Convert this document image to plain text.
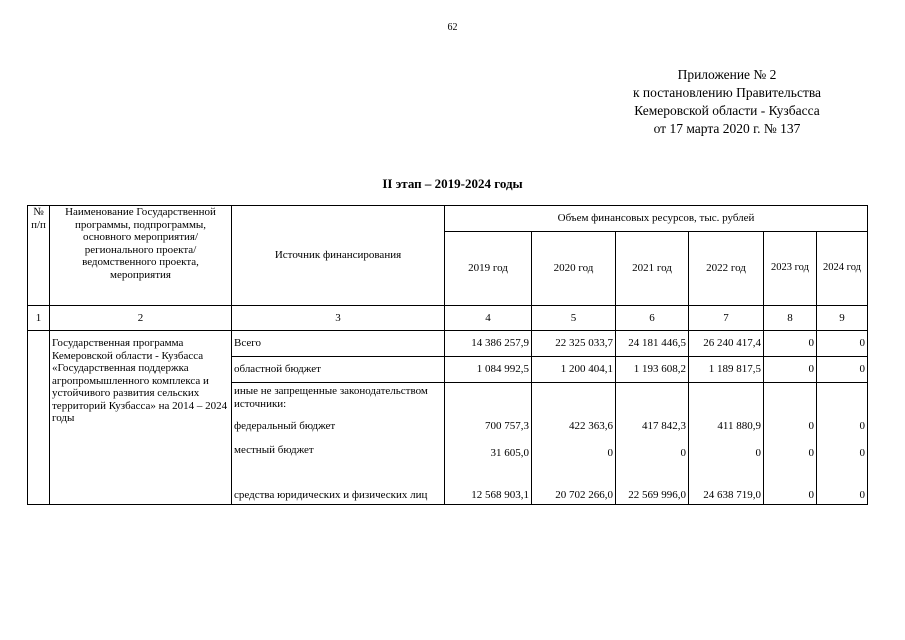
62
Приложение № 2
к постановлению Правительства
Кемеровской области - Кузбасса
от 17 марта 2020 г. № 137
II этап – 2019-2024 годы
№ п/п	Наименование Государственной программы, подпрограммы, основного мероприятия/регионального проекта/ведомственного проекта, мероприятия	Источник финансирования	Объем финансовых ресурсов, тыс. рублей					
			2019 год	2020 год	2021 год	2022 год	2023 год	2024 год
1	2	3	4	5	6	7	8	9
	Государственная программа Кемеровской области - Кузбасса «Государственная поддержка агропромышленного комплекса и устойчивого развития сельских территорий Кузбасса» на 2014 – 2024 годы	Всего	14 386 257,9	22 325 033,7	24 181 446,5	26 240 417,4	0	0
		областной бюджет	1 084 992,5	1 200 404,1	1 193 608,2	1 189 817,5	0	0
		иные не запрещенные законодательством источники:						
		федеральный бюджет	700 757,3	422 363,6	417 842,3	411 880,9	0	0
		местный бюджет	31 605,0	0	0	0	0	0
		средства юридических и физических лиц	12 568 903,1	20 702 266,0	22 569 996,0	24 638 719,0	0	0
